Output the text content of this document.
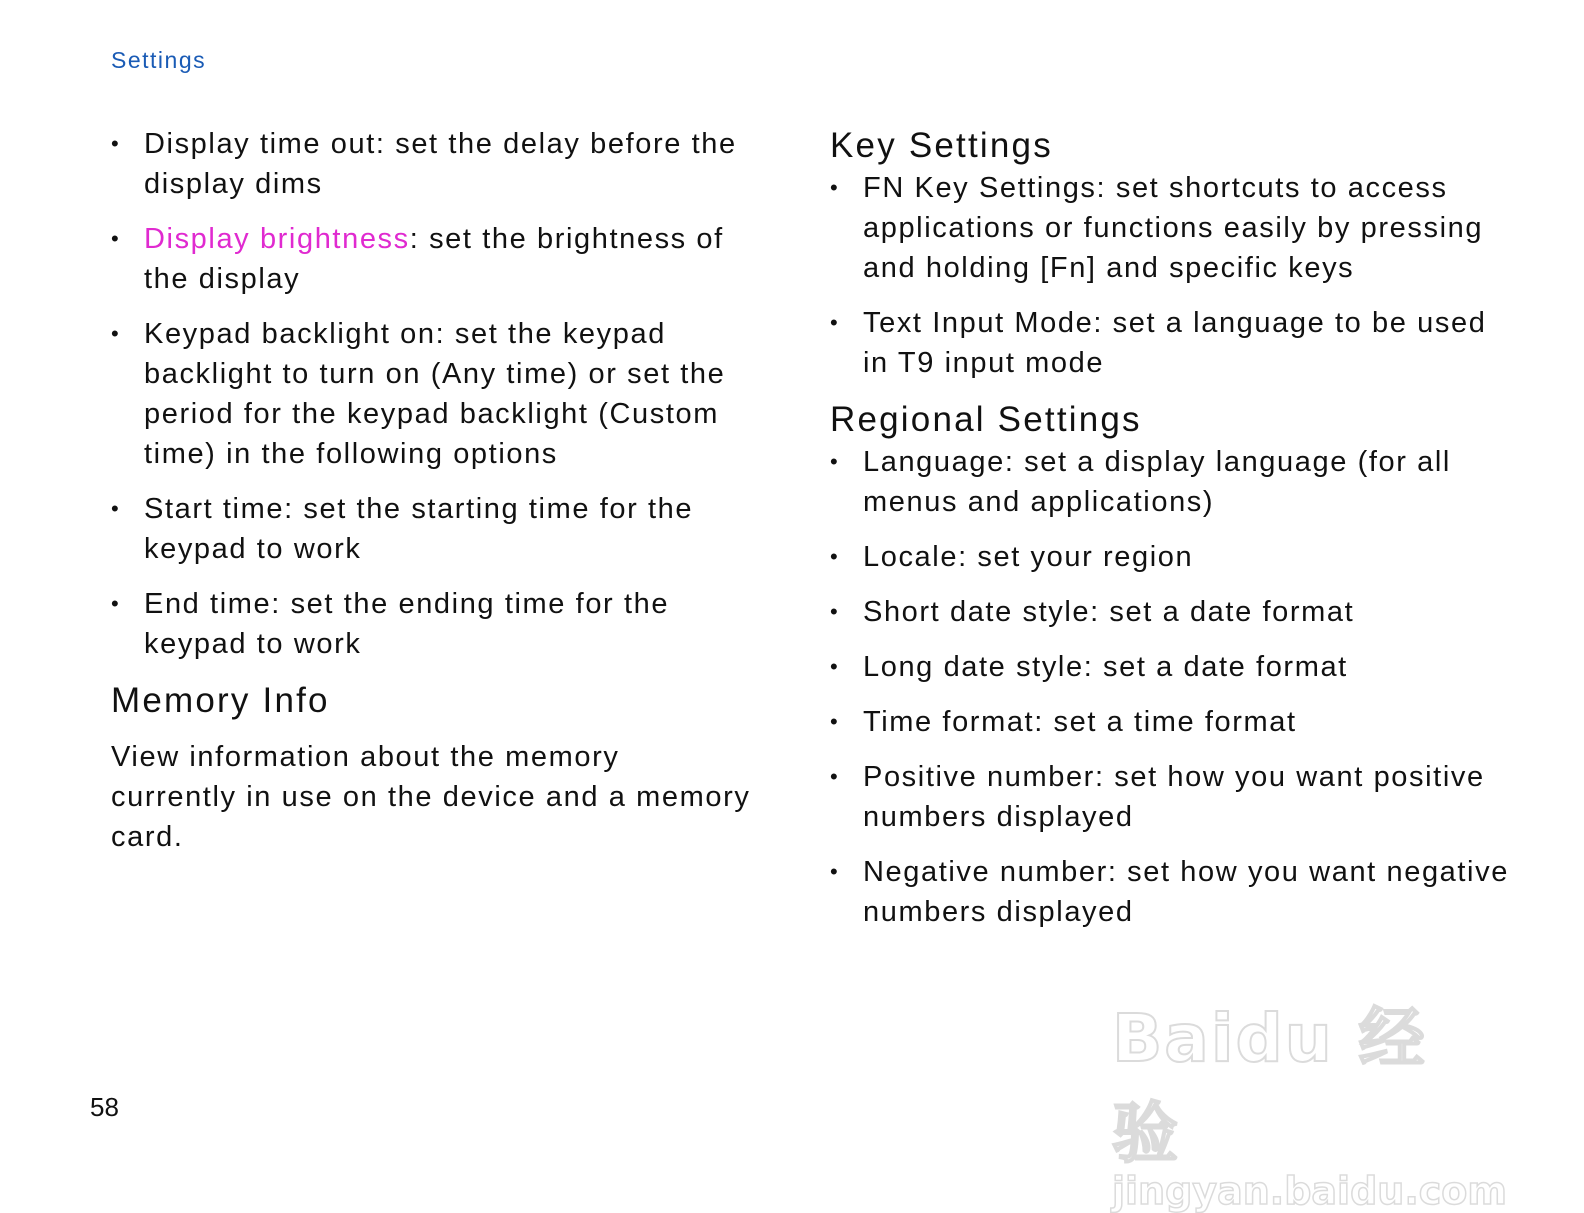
Settings
• Display time out: set the delay before the display dims
• Display brightness: set the brightness of the display
• Keypad backlight on: set the keypad backlight to turn on (Any time) or set the period for the keypad backlight (Custom time) in the following options
• Start time: set the starting time for the keypad to work
• End time: set the ending time for the keypad to work
Memory Info
View information about the memory currently in use on the device and a memory card.
Key Settings
• FN Key Settings: set shortcuts to access applications or functions easily by pressing and holding [Fn] and specific keys
• Text Input Mode: set a language to be used in T9 input mode
Regional Settings
• Language: set a display language (for all menus and applications)
• Locale: set your region
• Short date style: set a date format
• Long date style: set a date format
• Time format: set a time format
• Positive number: set how you want positive numbers displayed
• Negative number: set how you want negative numbers displayed
58
Baidu 经验
jingyan.baidu.com
